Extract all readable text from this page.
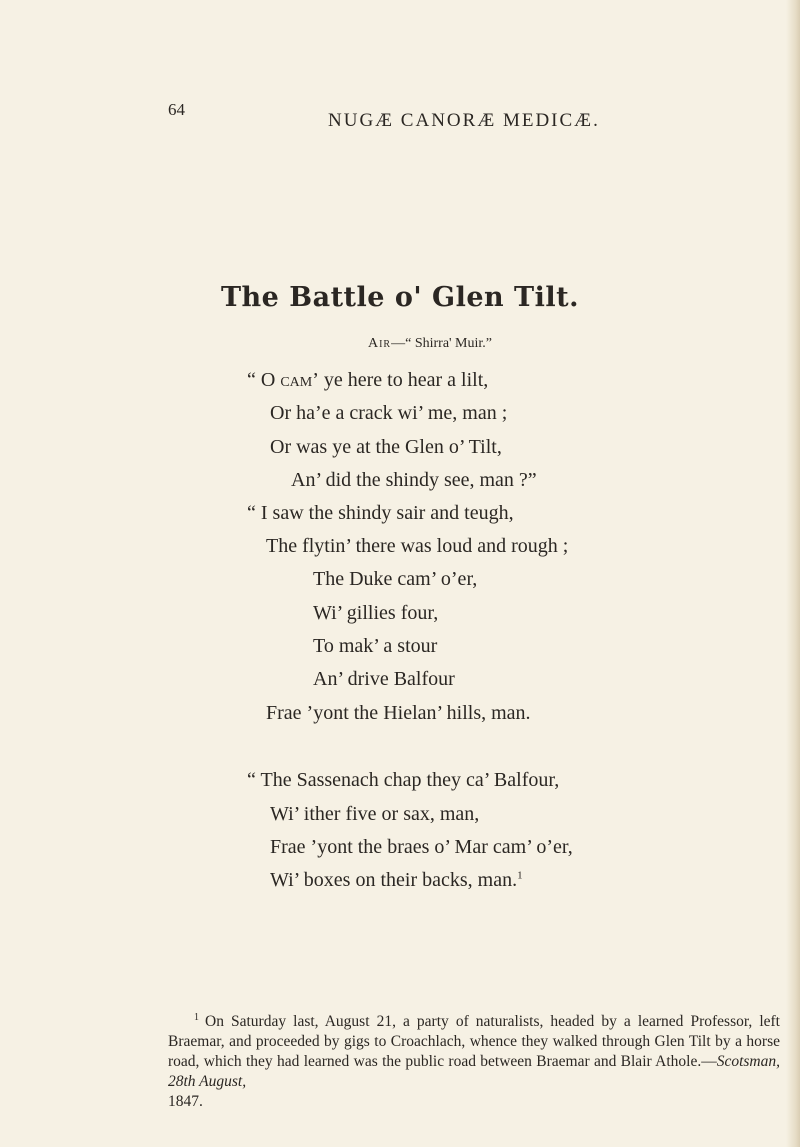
64
NUGÆ CANORÆ MEDICÆ.
The Battle o' Glen Tilt.
Air—“ Shirra' Muir.”
“ O cam’ ye here to hear a lilt,
Or ha’e a crack wi’ me, man ;
Or was ye at the Glen o’ Tilt,
An’ did the shindy see, man ?”
“ I saw the shindy sair and teugh,
The flytin’ there was loud and rough ;
The Duke cam’ o’er,
Wi’ gillies four,
To mak’ a stour
An’ drive Balfour
Frae ’yont the Hielan’ hills, man.
“ The Sassenach chap they ca’ Balfour,
Wi’ ither five or sax, man,
Frae ’yont the braes o’ Mar cam’ o’er,
Wi’ boxes on their backs, man.$^1$
$^1$ On Saturday last, August 21, a party of naturalists, headed by a learned Professor, left Braemar, and proceeded by gigs to Croachlach, whence they walked through Glen Tilt by a horse road, which they had learned was the public road between Braemar and Blair Athole.—Scotsman, 28th August,
1847.
